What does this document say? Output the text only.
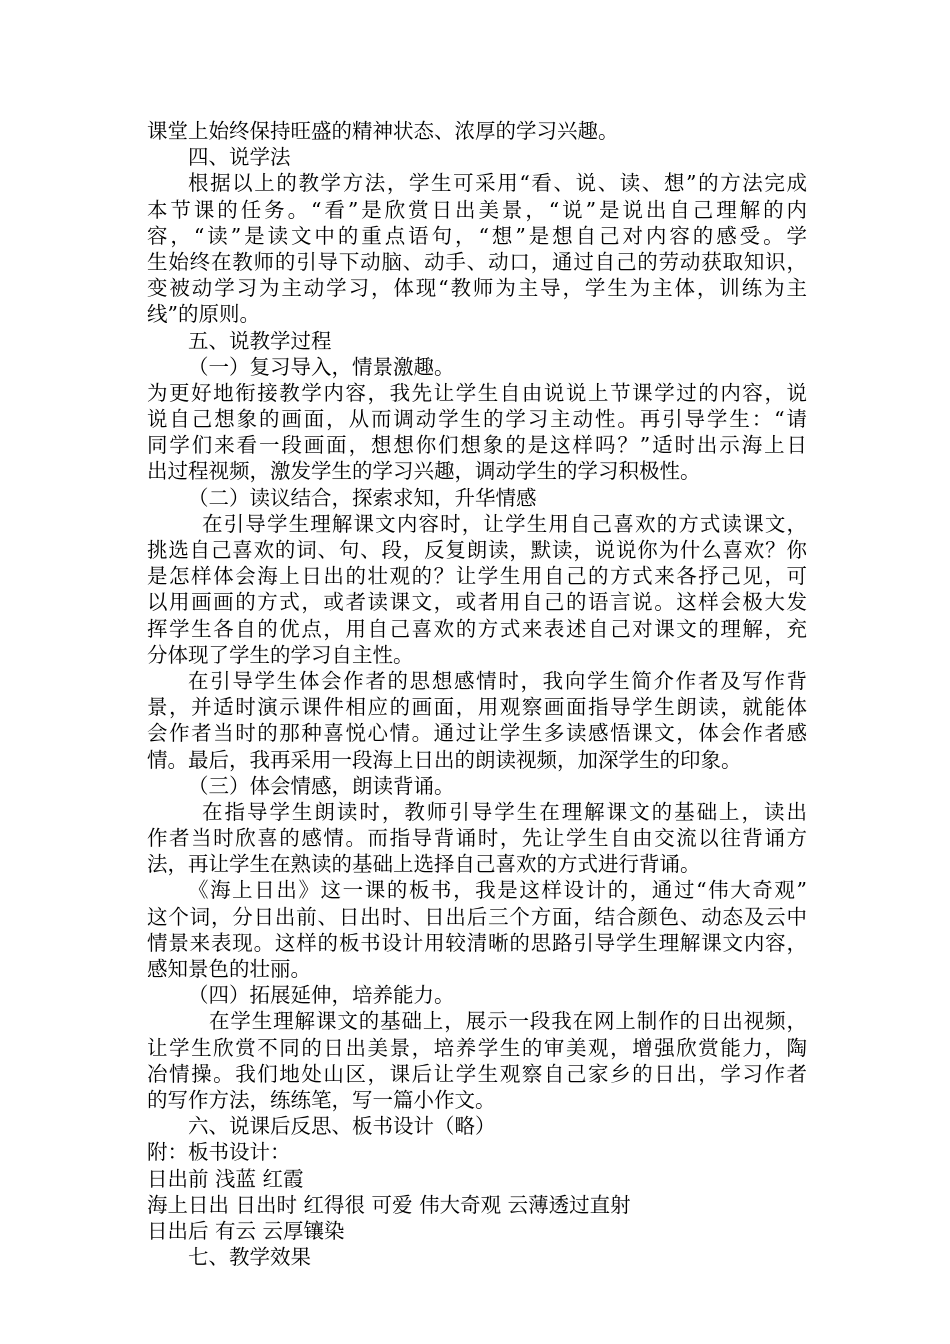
课堂上始终保持旺盛的精神状态、浓厚的学习兴趣。
四、说学法
根据以上的教学方法，学生可采用“看、说、读、想”的方法完成
本节课的任务。“看”是欣赏日出美景，“说”是说出自己理解的内
容，“读”是读文中的重点语句，“想”是想自己对内容的感受。学
生始终在教师的引导下动脑、动手、动口，通过自己的劳动获取知识，
变被动学习为主动学习，体现“教师为主导，学生为主体，训练为主
线”的原则。
五、说教学过程
（一）复习导入，情景激趣。
为更好地衔接教学内容，我先让学生自由说说上节课学过的内容，说
说自己想象的画面，从而调动学生的学习主动性。再引导学生：“请
同学们来看一段画面，想想你们想象的是这样吗？”适时出示海上日
出过程视频，激发学生的学习兴趣，调动学生的学习积极性。
（二）读议结合，探索求知，升华情感
在引导学生理解课文内容时，让学生用自己喜欢的方式读课文，
挑选自己喜欢的词、句、段，反复朗读，默读，说说你为什么喜欢？你
是怎样体会海上日出的壮观的？让学生用自己的方式来各抒己见，可
以用画画的方式，或者读课文，或者用自己的语言说。这样会极大发
挥学生各自的优点，用自己喜欢的方式来表述自己对课文的理解，充
分体现了学生的学习自主性。
在引导学生体会作者的思想感情时，我向学生简介作者及写作背
景，并适时演示课件相应的画面，用观察画面指导学生朗读，就能体
会作者当时的那种喜悦心情。通过让学生多读感悟课文，体会作者感
情。最后，我再采用一段海上日出的朗读视频，加深学生的印象。
（三）体会情感，朗读背诵。
在指导学生朗读时，教师引导学生在理解课文的基础上，读出
作者当时欣喜的感情。而指导背诵时，先让学生自由交流以往背诵方
法，再让学生在熟读的基础上选择自己喜欢的方式进行背诵。
《海上日出》这一课的板书，我是这样设计的，通过“伟大奇观”
这个词，分日出前、日出时、日出后三个方面，结合颜色、动态及云中
情景来表现。这样的板书设计用较清晰的思路引导学生理解课文内容，
感知景色的壮丽。
（四）拓展延伸，培养能力。
在学生理解课文的基础上，展示一段我在网上制作的日出视频，
让学生欣赏不同的日出美景，培养学生的审美观，增强欣赏能力，陶
冶情操。我们地处山区，课后让学生观察自己家乡的日出，学习作者
的写作方法，练练笔，写一篇小作文。
六、说课后反思、板书设计（略）
附：板书设计：
日出前 浅蓝 红霞
海上日出 日出时 红得很 可爱 伟大奇观 云薄透过直射
日出后 有云 云厚镶染
七、教学效果
